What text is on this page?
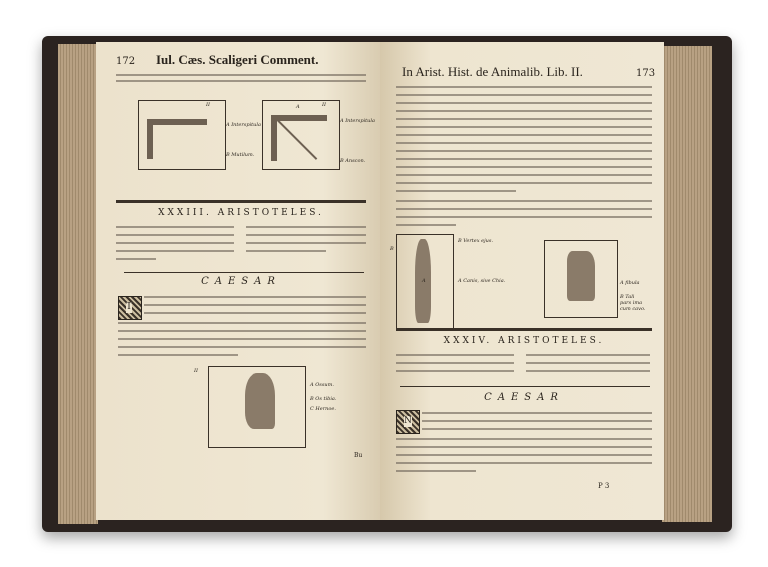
172 Iul. Cæs. Scaligeri Comment.
II
A Interspitula
B Mutilum.
A	II
A Interspitula
B Anscon.
XXXIII. ARISTOTELES.
CAESAR
T
II
A Ossum.
B Os tibia.
C Hernoe.
Bu
In Arist. Hist. de Animalib. Lib. II.	173
B
A
B Vertex ejus.
A Canis, sive Chia.	A fibula
B Tali pars ima cum cavo.
XXXIV. ARISTOTELES.
CAESAR
N
P 3
